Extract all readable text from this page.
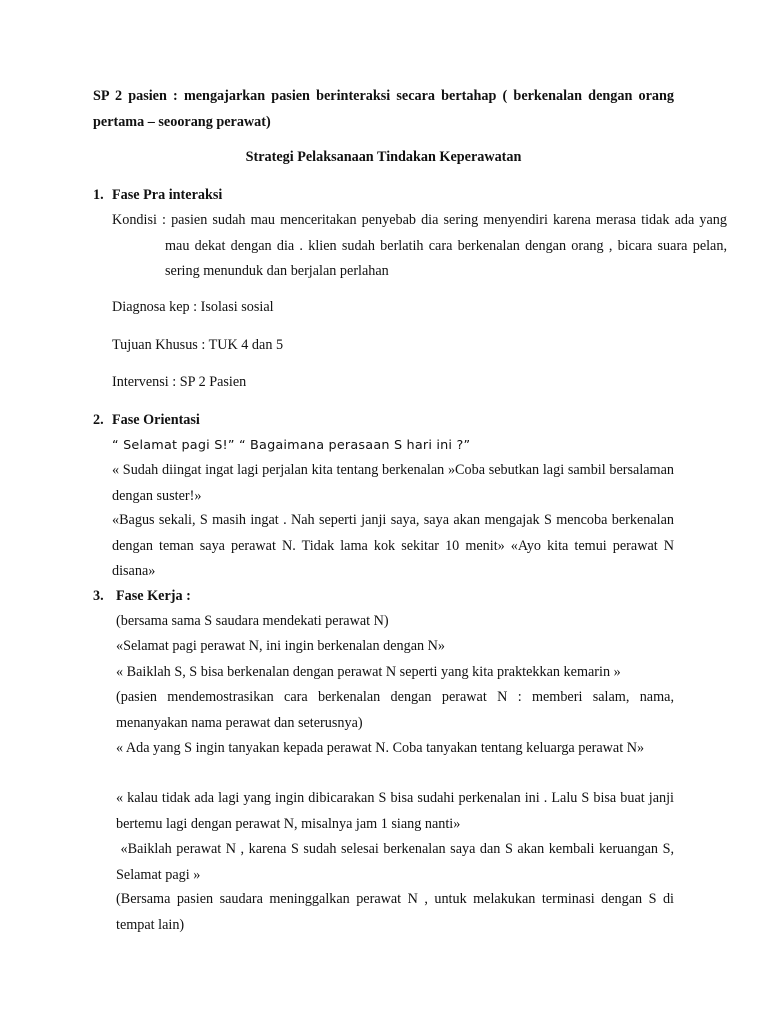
SP 2 pasien : mengajarkan pasien berinteraksi secara bertahap ( berkenalan dengan orang pertama – seoorang perawat)
Strategi Pelaksanaan Tindakan Keperawatan
1. Fase Pra interaksi
Kondisi : pasien sudah mau menceritakan penyebab dia sering menyendiri karena merasa tidak ada yang mau dekat dengan dia . klien sudah berlatih cara berkenalan dengan orang , bicara suara pelan, sering menunduk dan berjalan perlahan
Diagnosa kep : Isolasi sosial
Tujuan Khusus : TUK 4 dan 5
Intervensi : SP 2 Pasien
2. Fase Orientasi
“ Selamat pagi S!” “ Bagaimana perasaan S hari ini ?”
« Sudah diingat ingat lagi perjalan kita tentang berkenalan »Coba sebutkan lagi sambil bersalaman dengan suster!»
«Bagus sekali, S masih ingat . Nah seperti janji saya, saya akan mengajak S mencoba berkenalan dengan teman saya perawat N. Tidak lama kok sekitar 10 menit» «Ayo kita temui perawat N disana»
3. Fase Kerja :
(bersama sama S saudara mendekati perawat N)
«Selamat pagi perawat N, ini ingin berkenalan dengan N»
« Baiklah S, S bisa berkenalan dengan perawat N seperti yang kita praktekkan kemarin »
(pasien mendemostrasikan cara berkenalan dengan perawat N : memberi salam, nama, menanyakan nama perawat dan seterusnya)
« Ada yang S ingin tanyakan kepada perawat N. Coba tanyakan tentang keluarga perawat N»
« kalau tidak ada lagi yang ingin dibicarakan S bisa sudahi perkenalan ini . Lalu S bisa buat janji bertemu lagi dengan perawat N, misalnya jam 1 siang nanti»
«Baiklah perawat N , karena S sudah selesai berkenalan saya dan S akan kembali keruangan S, Selamat pagi »
(Bersama pasien saudara meninggalkan perawat N , untuk melakukan terminasi dengan S di tempat lain)
